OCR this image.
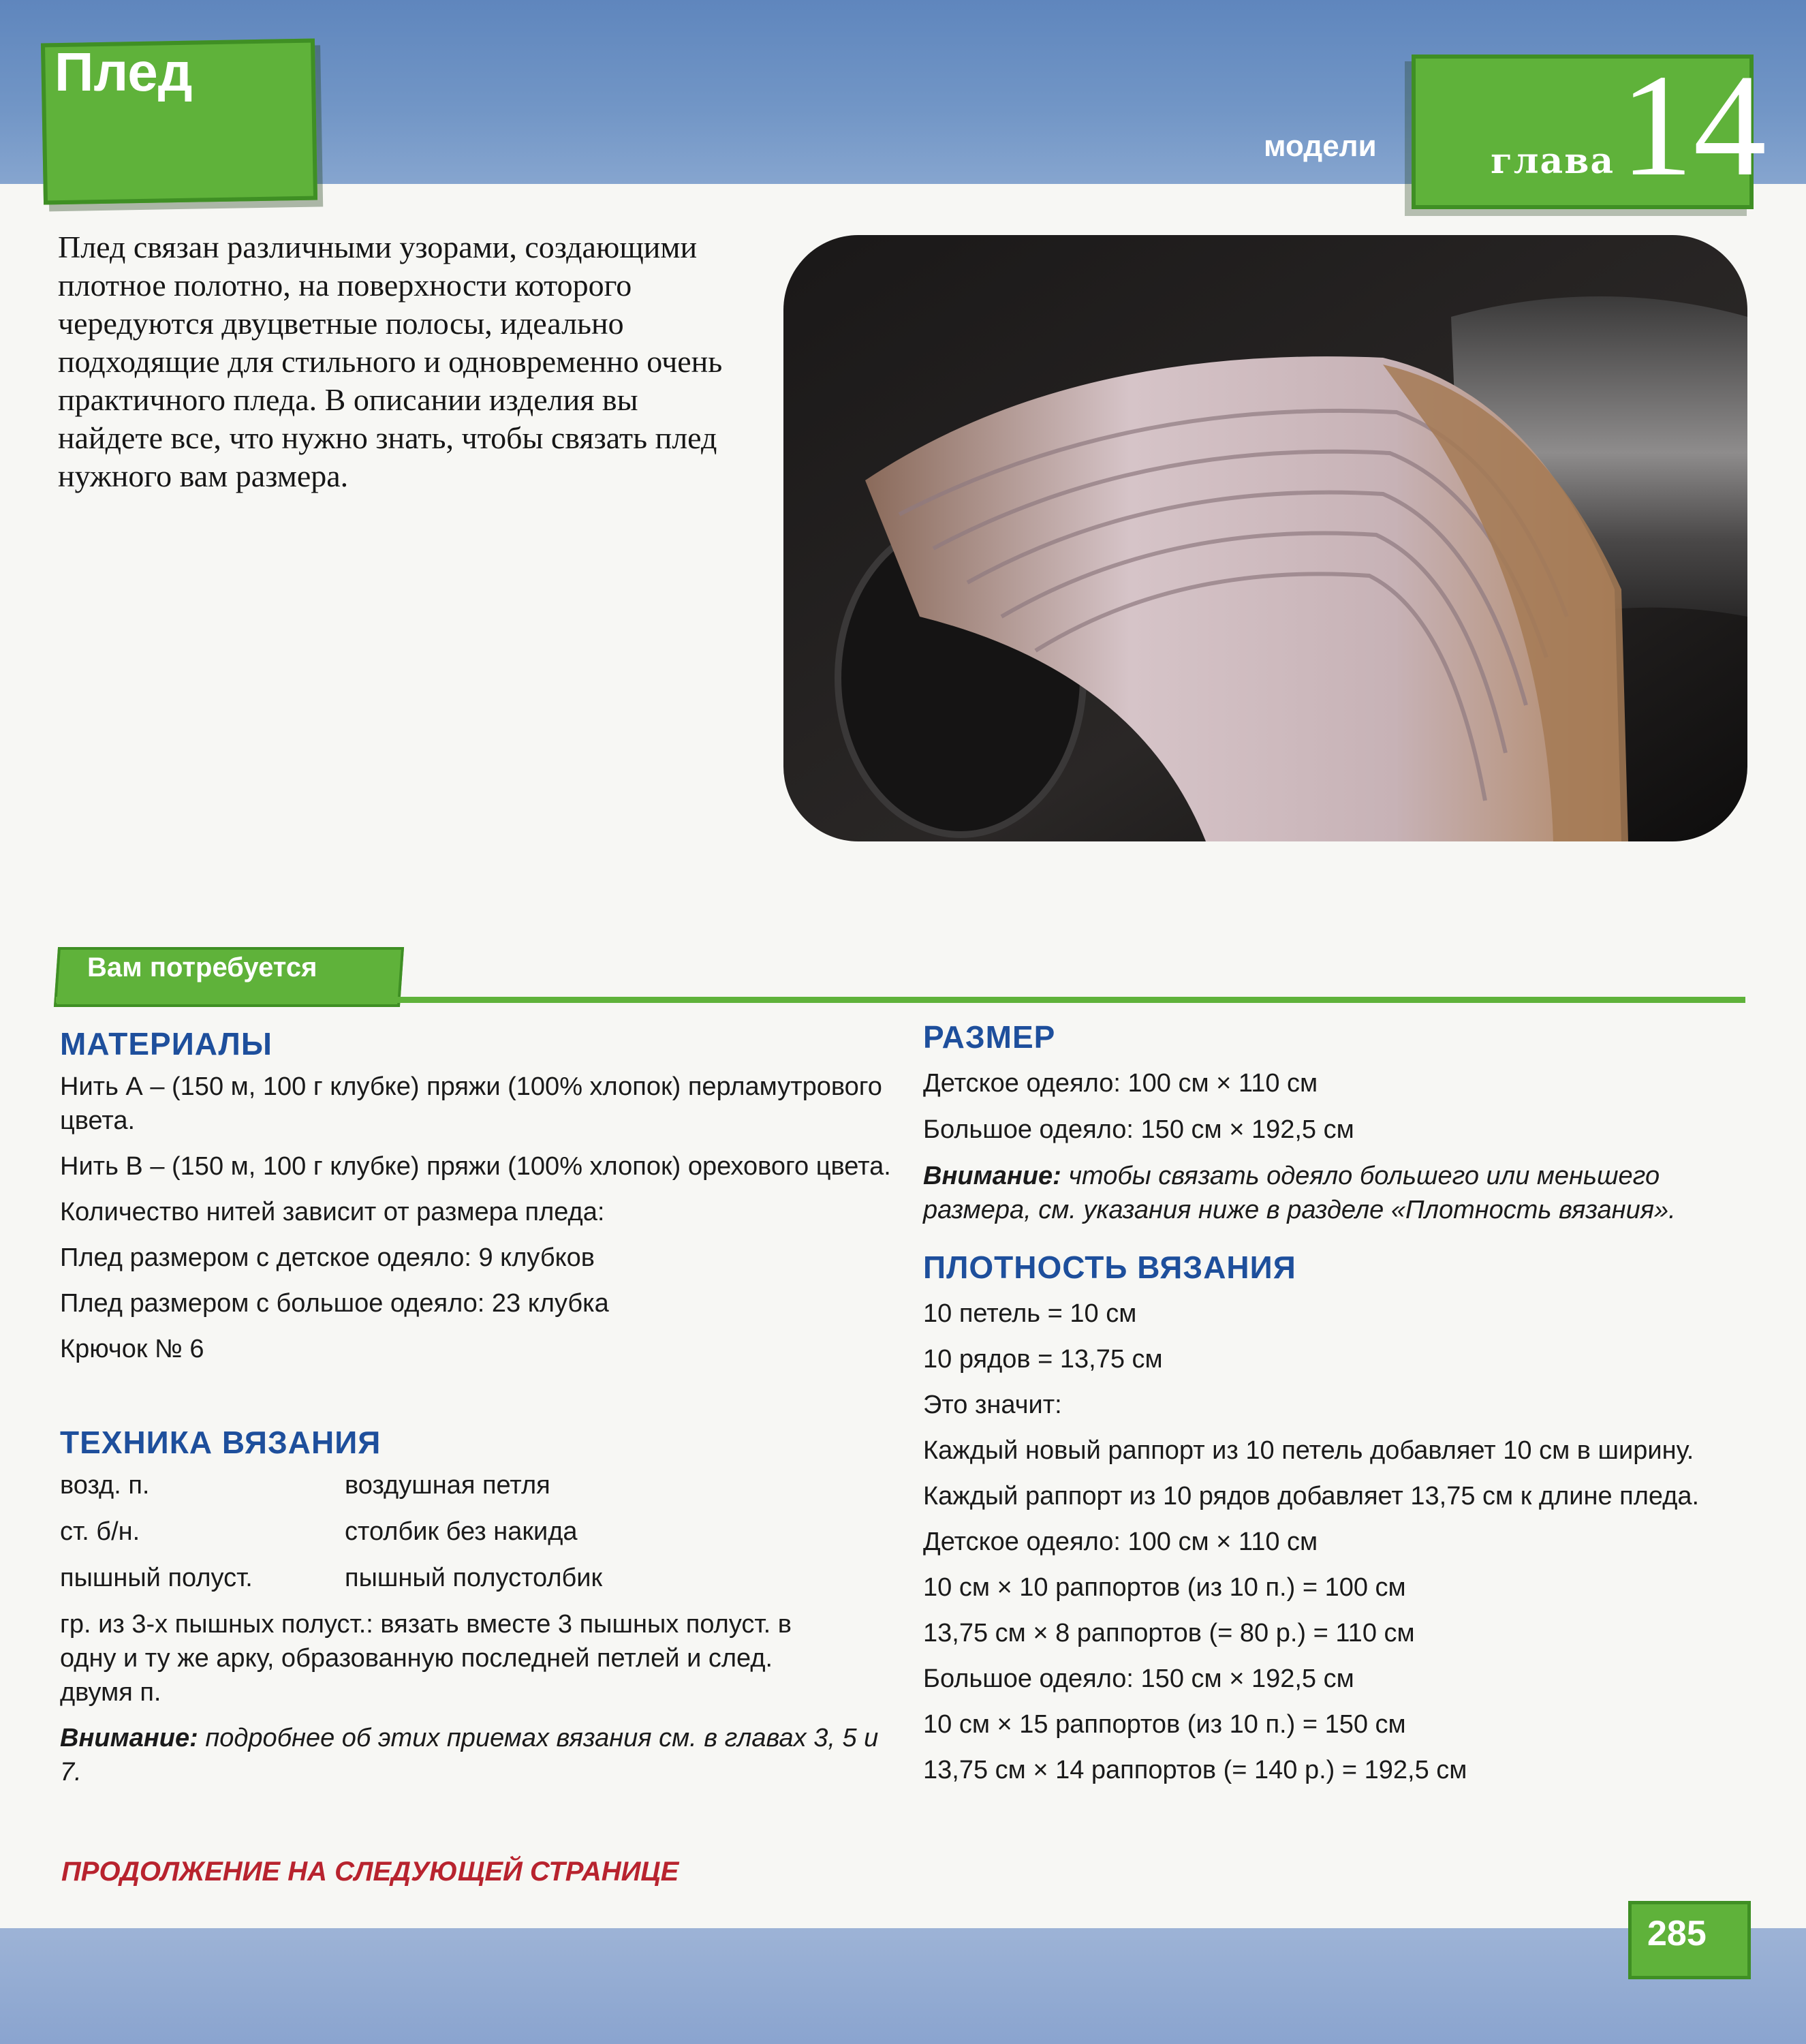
Плед
модели	глава 14
Плед связан различными узорами, создающими плотное полотно, на поверхности которого чередуются двуцветные полосы, идеально подходящие для стильного и одновременно очень практичного пледа. В описании изделия вы найдете все, что нужно знать, чтобы связать плед нужного вам размера.
Вам потребуется
МАТЕРИАЛЫ

Нить А – (150 м, 100 г клубке) пряжи (100% хлопок) перламутрового цвета.

Нить В – (150 м, 100 г клубке) пряжи (100% хлопок) орехового цвета.

Количество нитей зависит от размера пледа:

Плед размером с детское одеяло: 9 клубков

Плед размером с большое одеяло: 23 клубка

Крючок № 6

ТЕХНИКА ВЯЗАНИЯ
возд. п.	воздушная петля
ст. б/н.	столбик без накида
пышный полуст.	пышный полустолбик

гр. из 3-х пышных полуст.: вязать вместе 3 пышных полуст. в одну и ту же арку, образованную последней петлей и след. двумя п.

Внимание: подробнее об этих приемах вязания см. в главах 3, 5 и 7.

РАЗМЕР

Детское одеяло: 100 см × 110 см

Большое одеяло: 150 см × 192,5 см

Внимание: чтобы связать одеяло большего или меньшего размера, см. указания ниже в разделе «Плотность вязания».

ПЛОТНОСТЬ ВЯЗАНИЯ

10 петель = 10 см

10 рядов = 13,75 см

Это значит:

Каждый новый раппорт из 10 петель добавляет 10 см в ширину.

Каждый раппорт из 10 рядов добавляет 13,75 см к длине пледа.

Детское одеяло: 100 см × 110 см

10 см × 10 раппортов (из 10 п.) = 100 см

13,75 см × 8 раппортов (= 80 р.) = 110 см

Большое одеяло: 150 см × 192,5 см

10 см × 15 раппортов (из 10 п.) = 150 см

13,75 см × 14 раппортов (= 140 р.) = 192,5 см

ПРОДОЛЖЕНИЕ НА СЛЕДУЮЩЕЙ СТРАНИЦЕ
285
